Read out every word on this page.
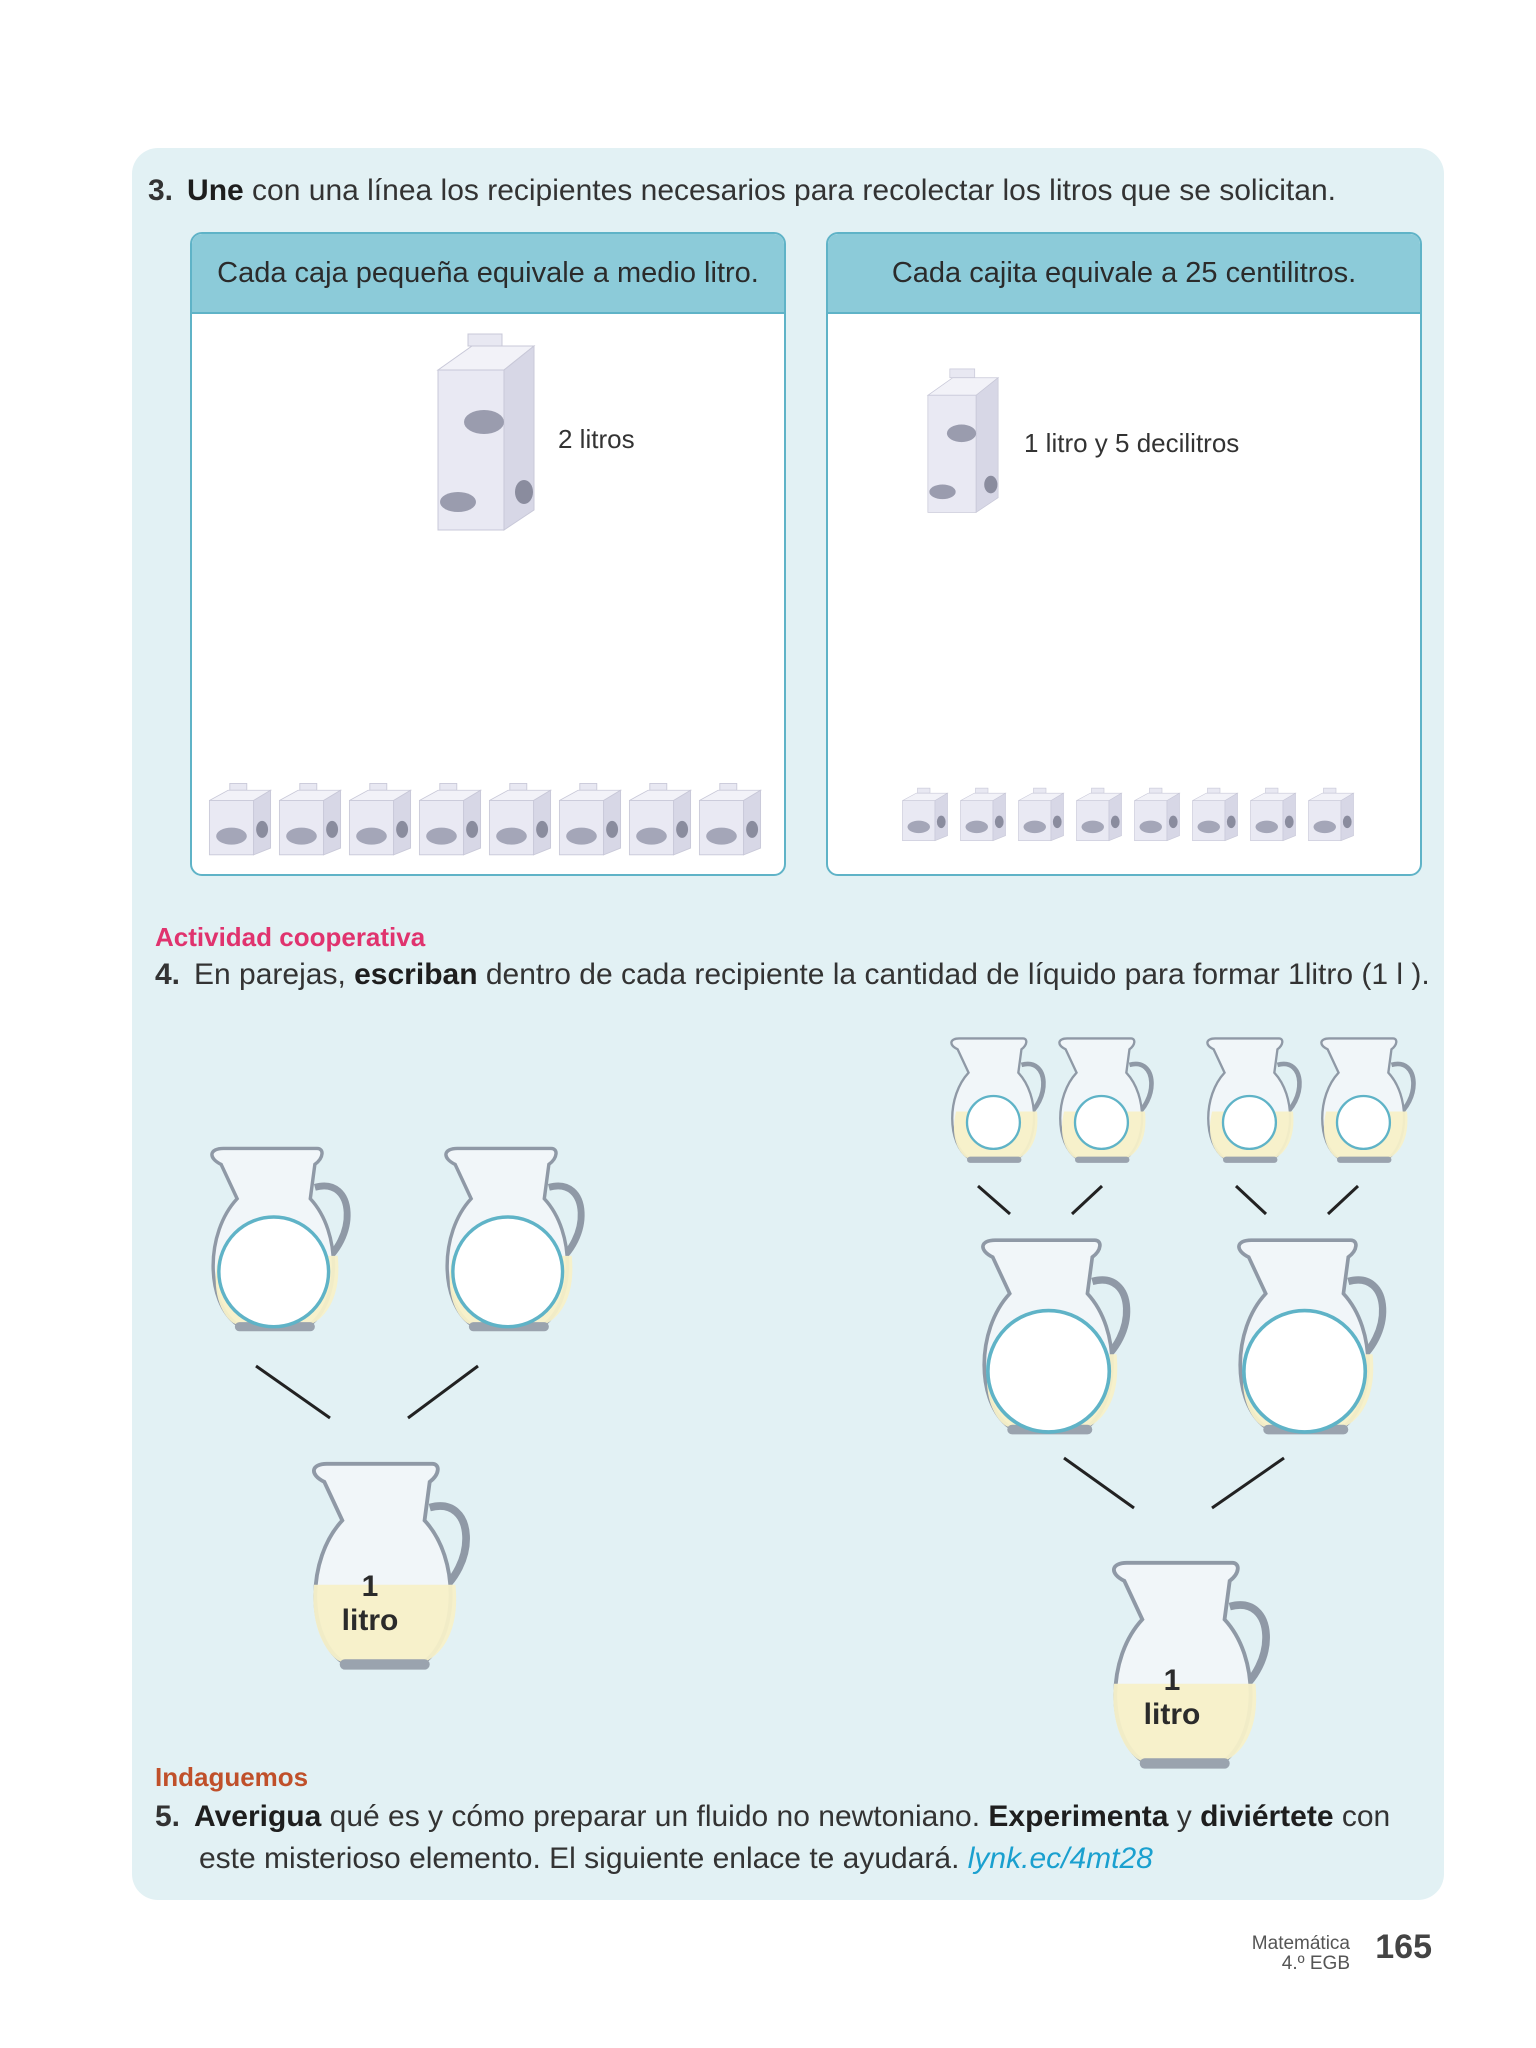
3. Une con una línea los recipientes necesarios para recolectar los litros que se solicitan.
Cada caja pequeña equivale a medio litro.	Cada cajita equivale a 25 centilitros.
2 litros	1 litro y 5 decilitros
Actividad cooperativa
4. En parejas, escriban dentro de cada recipiente la cantidad de líquido para formar 1litro (1 l ).
1
litro
1
litro
Indaguemos
5. Averigua qué es y cómo preparar un fluido no newtoniano. Experimenta y diviértete con
este misterioso elemento. El siguiente enlace te ayudará. lynk.ec/4mt28
Matemática
4.º EGB 165
